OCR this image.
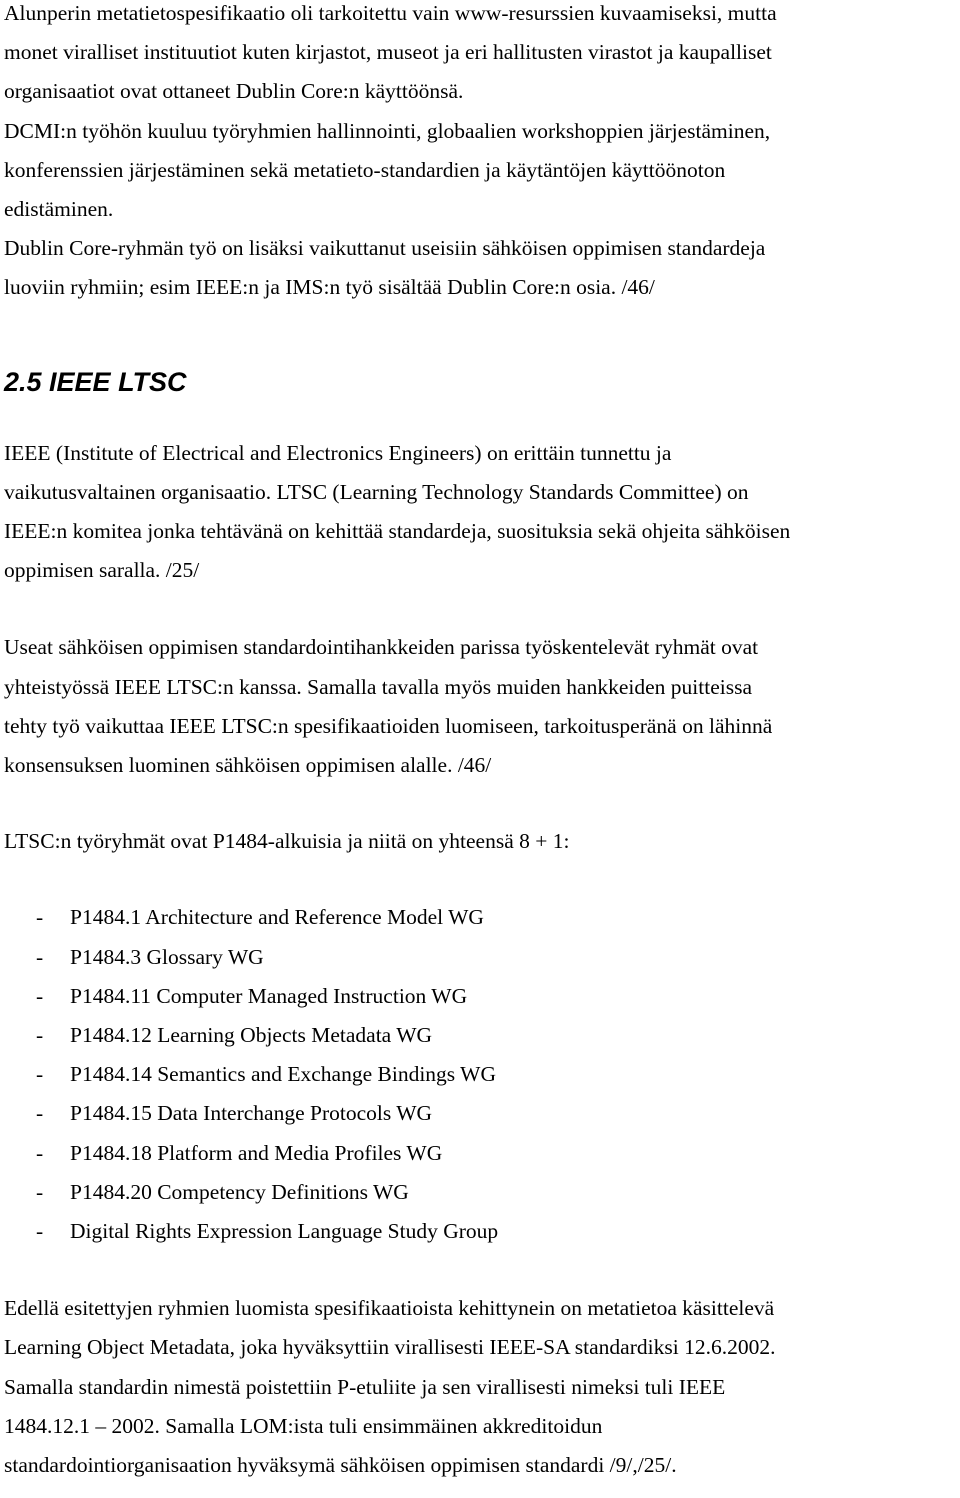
Alunperin metatietospesifikaatio oli tarkoitettu vain www-resurssien kuvaamiseksi, mutta
monet viralliset instituutiot kuten kirjastot, museot ja eri hallitusten virastot ja kaupalliset
organisaatiot ovat ottaneet Dublin Core:n käyttöönsä.
DCMI:n työhön kuuluu työryhmien hallinnointi, globaalien workshoppien järjestäminen,
konferenssien järjestäminen sekä metatieto-standardien ja käytäntöjen käyttöönoton
edistäminen.
Dublin Core-ryhmän työ on lisäksi vaikuttanut useisiin sähköisen oppimisen standardeja
luoviin ryhmiin; esim IEEE:n ja IMS:n työ sisältää Dublin Core:n osia. /46/

2.5 IEEE LTSC

IEEE (Institute of Electrical and Electronics Engineers) on erittäin tunnettu ja
vaikutusvaltainen organisaatio. LTSC (Learning Technology Standards Committee) on
IEEE:n komitea jonka tehtävänä on kehittää standardeja, suosituksia sekä ohjeita sähköisen
oppimisen saralla. /25/

Useat sähköisen oppimisen standardointihankkeiden parissa työskentelevät ryhmät ovat
yhteistyössä IEEE LTSC:n kanssa. Samalla tavalla myös muiden hankkeiden puitteissa
tehty työ vaikuttaa IEEE LTSC:n spesifikaatioiden luomiseen, tarkoitusperänä on lähinnä
konsensuksen luominen sähköisen oppimisen alalle. /46/

LTSC:n työryhmät ovat P1484-alkuisia ja niitä on yhteensä 8 + 1:

-	P1484.1 Architecture and Reference Model WG
-	P1484.3 Glossary WG
-	P1484.11 Computer Managed Instruction WG
-	P1484.12 Learning Objects Metadata WG
-	P1484.14 Semantics and Exchange Bindings WG
-	P1484.15 Data Interchange Protocols WG
-	P1484.18 Platform and Media Profiles WG
-	P1484.20 Competency Definitions WG
-	Digital Rights Expression Language Study Group

Edellä esitettyjen ryhmien luomista spesifikaatioista kehittynein on metatietoa käsittelevä
Learning Object Metadata, joka hyväksyttiin virallisesti IEEE-SA standardiksi 12.6.2002.
Samalla standardin nimestä poistettiin P-etuliite ja sen virallisesti nimeksi tuli IEEE
1484.12.1 – 2002. Samalla LOM:ista tuli ensimmäinen akkreditoidun
standardointiorganisaation hyväksymä sähköisen oppimisen standardi /9/,/25/.
